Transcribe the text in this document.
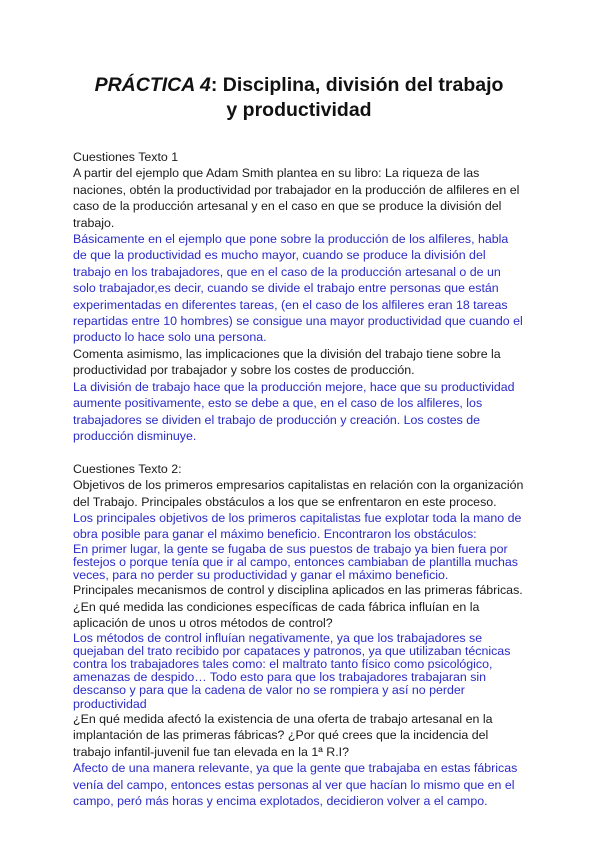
PRÁCTICA 4: Disciplina, división del trabajo y productividad

Cuestiones Texto 1

A partir del ejemplo que Adam Smith plantea en su libro: La riqueza de las naciones, obtén la productividad por trabajador en la producción de alfileres en el caso de la producción artesanal y en el caso en que se produce la división del trabajo.

Básicamente en el ejemplo que pone sobre la producción de los alfileres, habla de que la productividad es mucho mayor, cuando se produce la división del trabajo en los trabajadores, que en el caso de la producción artesanal o de un solo trabajador,es decir, cuando se divide el trabajo entre personas que están experimentadas en diferentes tareas, (en el caso de los alfileres eran 18 tareas repartidas entre 10 hombres) se consigue una mayor productividad que cuando el producto lo hace solo una persona.

Comenta asimismo, las implicaciones que la división del trabajo tiene sobre la productividad por trabajador y sobre los costes de producción.

La división de trabajo hace que la producción mejore, hace que su productividad aumente positivamente, esto se debe a que, en el caso de los alfileres, los trabajadores se dividen el trabajo de producción y creación. Los costes de producción disminuye.

Cuestiones Texto 2:

Objetivos de los primeros empresarios capitalistas en relación con la organización del Trabajo. Principales obstáculos a los que se enfrentaron en este proceso.

Los principales objetivos de los primeros capitalistas fue explotar toda la mano de obra posible para ganar el máximo beneficio. Encontraron los obstáculos:

En primer lugar, la gente se fugaba de sus puestos de trabajo ya bien fuera por festejos o porque tenía que ir al campo, entonces cambiaban de plantilla muchas veces, para no perder su productividad y ganar el máximo beneficio.

Principales mecanismos de control y disciplina aplicados en las primeras fábricas. ¿En qué medida las condiciones específicas de cada fábrica influían en la aplicación de unos u otros métodos de control?

Los métodos de control influían negativamente, ya que los trabajadores se quejaban del trato recibido por capataces y patronos, ya que utilizaban técnicas contra los trabajadores tales como: el maltrato tanto físico como psicológico, amenazas de despido… Todo esto para que los trabajadores trabajaran sin descanso y para que la cadena de valor no se rompiera y así no perder productividad

¿En qué medida afectó la existencia de una oferta de trabajo artesanal en la implantación de las primeras fábricas? ¿Por qué crees que la incidencia del trabajo infantil-juvenil fue tan elevada en la 1ª R.I?

Afecto de una manera relevante, ya que la gente que trabajaba en estas fábricas venía del campo, entonces estas personas al ver que hacían lo mismo que en el campo, peró más horas y encima explotados, decidieron volver a el campo.
